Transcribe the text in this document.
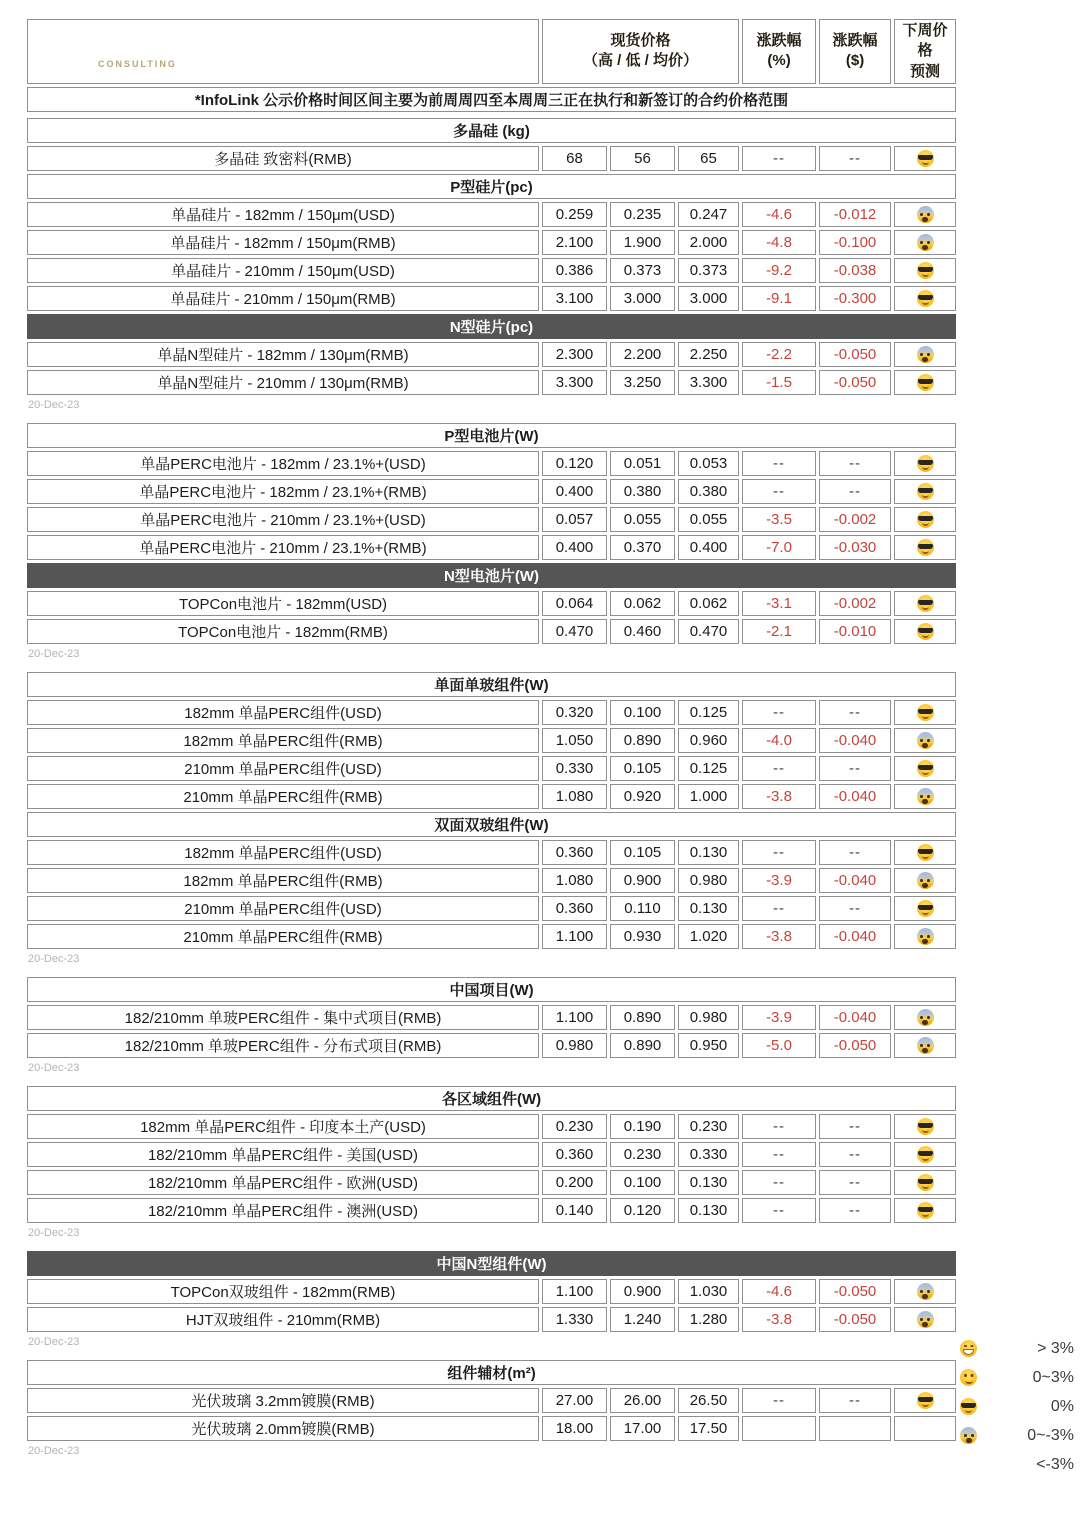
InfoLink
CONSULTING

现货价格
（高 / 低 / 均价）

涨跌幅
(%)

涨跌幅
($)

下周价格
预测

*InfoLink 公示价格时间区间主要为前周周四至本周周三正在执行和新签订的合约价格范围
多晶硅 (kg)						
多晶硅 致密料(RMB)	68	56	65	--	--	
P型硅片(pc)						
单晶硅片 - 182mm / 150μm(USD)	0.259	0.235	0.247	-4.6	-0.012	
单晶硅片 - 182mm / 150μm(RMB)	2.100	1.900	2.000	-4.8	-0.100	
单晶硅片 - 210mm / 150μm(USD)	0.386	0.373	0.373	-9.2	-0.038	
单晶硅片 - 210mm / 150μm(RMB)	3.100	3.000	3.000	-9.1	-0.300	
N型硅片(pc)						
单晶N型硅片 - 182mm / 130μm(RMB)	2.300	2.200	2.250	-2.2	-0.050	
单晶N型硅片 - 210mm / 130μm(RMB)	3.300	3.250	3.300	-1.5	-0.050	
20-Dec-23
P型电池片(W)						
单晶PERC电池片 - 182mm / 23.1%+(USD)	0.120	0.051	0.053	--	--	
单晶PERC电池片 - 182mm / 23.1%+(RMB)	0.400	0.380	0.380	--	--	
单晶PERC电池片 - 210mm / 23.1%+(USD)	0.057	0.055	0.055	-3.5	-0.002	
单晶PERC电池片 - 210mm / 23.1%+(RMB)	0.400	0.370	0.400	-7.0	-0.030	
N型电池片(W)						
TOPCon电池片 - 182mm(USD)	0.064	0.062	0.062	-3.1	-0.002	
TOPCon电池片 - 182mm(RMB)	0.470	0.460	0.470	-2.1	-0.010	
20-Dec-23
单面单玻组件(W)						
182mm 单晶PERC组件(USD)	0.320	0.100	0.125	--	--	
182mm 单晶PERC组件(RMB)	1.050	0.890	0.960	-4.0	-0.040	
210mm 单晶PERC组件(USD)	0.330	0.105	0.125	--	--	
210mm 单晶PERC组件(RMB)	1.080	0.920	1.000	-3.8	-0.040	
双面双玻组件(W)						
182mm 单晶PERC组件(USD)	0.360	0.105	0.130	--	--	
182mm 单晶PERC组件(RMB)	1.080	0.900	0.980	-3.9	-0.040	
210mm 单晶PERC组件(USD)	0.360	0.110	0.130	--	--	
210mm 单晶PERC组件(RMB)	1.100	0.930	1.020	-3.8	-0.040	
20-Dec-23
中国项目(W)						
182/210mm 单玻PERC组件 - 集中式项目(RMB)	1.100	0.890	0.980	-3.9	-0.040	
182/210mm 单玻PERC组件 - 分布式项目(RMB)	0.980	0.890	0.950	-5.0	-0.050	
20-Dec-23
各区域组件(W)						
182mm 单晶PERC组件 - 印度本土产(USD)	0.230	0.190	0.230	--	--	
182/210mm 单晶PERC组件 - 美国(USD)	0.360	0.230	0.330	--	--	
182/210mm 单晶PERC组件 - 欧洲(USD)	0.200	0.100	0.130	--	--	
182/210mm 单晶PERC组件 - 澳洲(USD)	0.140	0.120	0.130	--	--	
20-Dec-23
中国N型组件(W)						
TOPCon双玻组件 - 182mm(RMB)	1.100	0.900	1.030	-4.6	-0.050	
HJT双玻组件 - 210mm(RMB)	1.330	1.240	1.280	-3.8	-0.050	
20-Dec-23
组件辅材(m²)						
光伏玻璃 3.2mm镀膜(RMB)	27.00	26.00	26.50	--	--	
光伏玻璃 2.0mm镀膜(RMB)	18.00	17.00	17.50			
20-Dec-23
> 3%
0~3%
0%
0~-3%
<-3%
